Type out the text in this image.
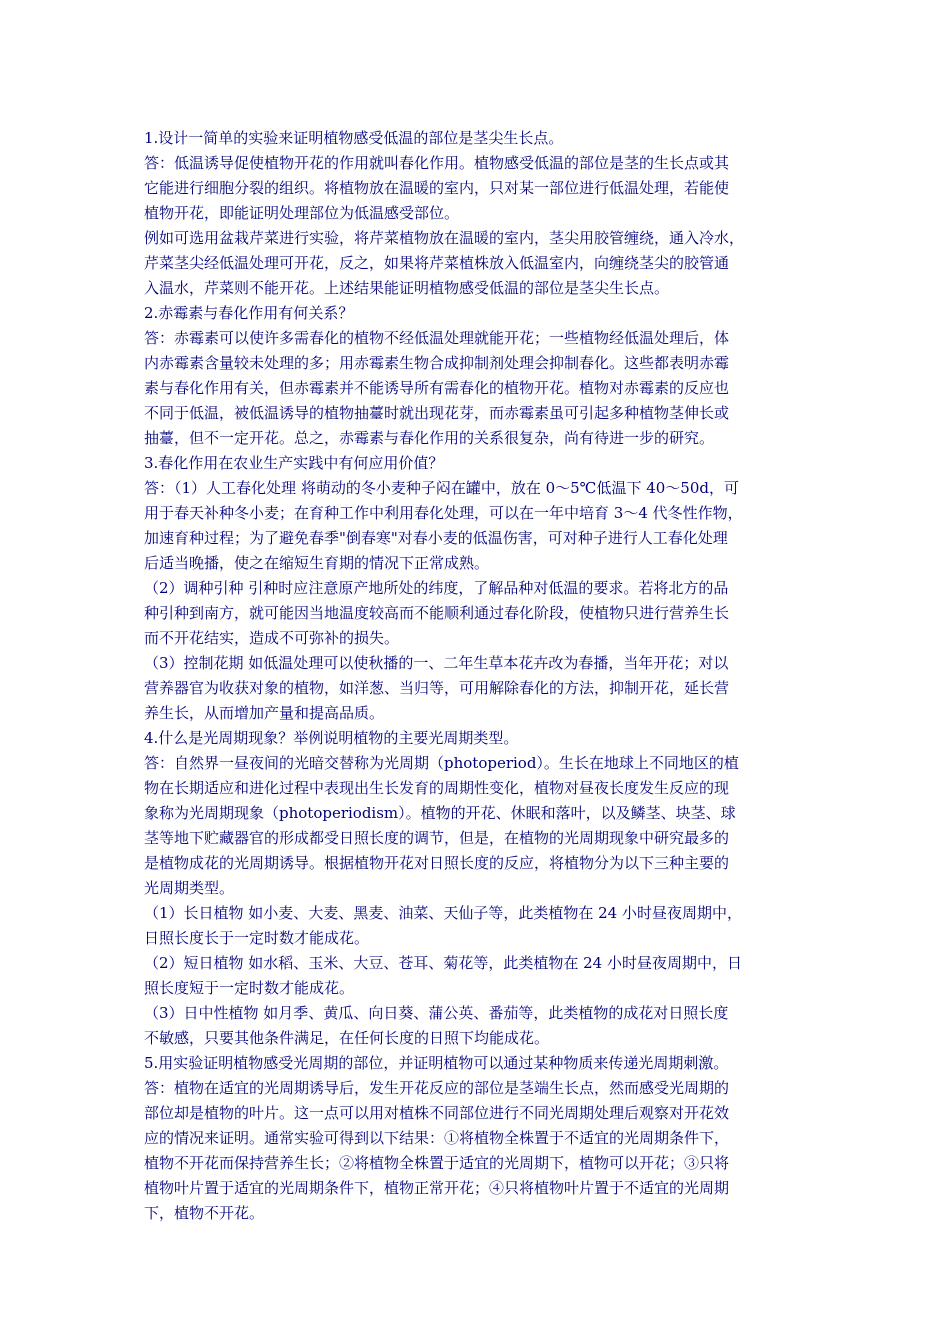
1.设计一简单的实验来证明植物感受低温的部位是茎尖生长点。
答：低温诱导促使植物开花的作用就叫春化作用。植物感受低温的部位是茎的生长点或其
它能进行细胞分裂的组织。将植物放在温暖的室内，只对某一部位进行低温处理，若能使
植物开花，即能证明处理部位为低温感受部位。
例如可选用盆栽芹菜进行实验，将芹菜植物放在温暖的室内，茎尖用胶管缠绕，通入冷水，
芹菜茎尖经低温处理可开花，反之，如果将芹菜植株放入低温室内，向缠绕茎尖的胶管通
入温水，芹菜则不能开花。上述结果能证明植物感受低温的部位是茎尖生长点。
2.赤霉素与春化作用有何关系？
答：赤霉素可以使许多需春化的植物不经低温处理就能开花；一些植物经低温处理后，体
内赤霉素含量较未处理的多；用赤霉素生物合成抑制剂处理会抑制春化。这些都表明赤霉
素与春化作用有关，但赤霉素并不能诱导所有需春化的植物开花。植物对赤霉素的反应也
不同于低温，被低温诱导的植物抽薹时就出现花芽，而赤霉素虽可引起多种植物茎伸长或
抽薹，但不一定开花。总之，赤霉素与春化作用的关系很复杂，尚有待进一步的研究。
3.春化作用在农业生产实践中有何应用价值？
答：（1）人工春化处理 将萌动的冬小麦种子闷在罐中，放在 0～5℃低温下 40～50d，可
用于春天补种冬小麦；在育种工作中利用春化处理，可以在一年中培育 3～4 代冬性作物，
加速育种过程；为了避免春季"倒春寒"对春小麦的低温伤害，可对种子进行人工春化处理
后适当晚播，使之在缩短生育期的情况下正常成熟。
（2）调种引种 引种时应注意原产地所处的纬度，了解品种对低温的要求。若将北方的品
种引种到南方，就可能因当地温度较高而不能顺利通过春化阶段，使植物只进行营养生长
而不开花结实，造成不可弥补的损失。
（3）控制花期 如低温处理可以使秋播的一、二年生草本花卉改为春播，当年开花；对以
营养器官为收获对象的植物，如洋葱、当归等，可用解除春化的方法，抑制开花，延长营
养生长，从而增加产量和提高品质。
4.什么是光周期现象？举例说明植物的主要光周期类型。
答：自然界一昼夜间的光暗交替称为光周期（photoperiod）。生长在地球上不同地区的植
物在长期适应和进化过程中表现出生长发育的周期性变化，植物对昼夜长度发生反应的现
象称为光周期现象（photoperiodism）。植物的开花、休眠和落叶，以及鳞茎、块茎、球
茎等地下贮藏器官的形成都受日照长度的调节，但是，在植物的光周期现象中研究最多的
是植物成花的光周期诱导。根据植物开花对日照长度的反应，将植物分为以下三种主要的
光周期类型。
（1）长日植物 如小麦、大麦、黑麦、油菜、天仙子等，此类植物在 24 小时昼夜周期中，
日照长度长于一定时数才能成花。
（2）短日植物 如水稻、玉米、大豆、苍耳、菊花等，此类植物在 24 小时昼夜周期中，日
照长度短于一定时数才能成花。
（3）日中性植物 如月季、黄瓜、向日葵、蒲公英、番茄等，此类植物的成花对日照长度
不敏感，只要其他条件满足，在任何长度的日照下均能成花。
5.用实验证明植物感受光周期的部位，并证明植物可以通过某种物质来传递光周期刺激。
答：植物在适宜的光周期诱导后，发生开花反应的部位是茎端生长点，然而感受光周期的
部位却是植物的叶片。这一点可以用对植株不同部位进行不同光周期处理后观察对开花效
应的情况来证明。通常实验可得到以下结果：①将植物全株置于不适宜的光周期条件下，
植物不开花而保持营养生长；②将植物全株置于适宜的光周期下，植物可以开花；③只将
植物叶片置于适宜的光周期条件下，植物正常开花；④只将植物叶片置于不适宜的光周期
下，植物不开花。
